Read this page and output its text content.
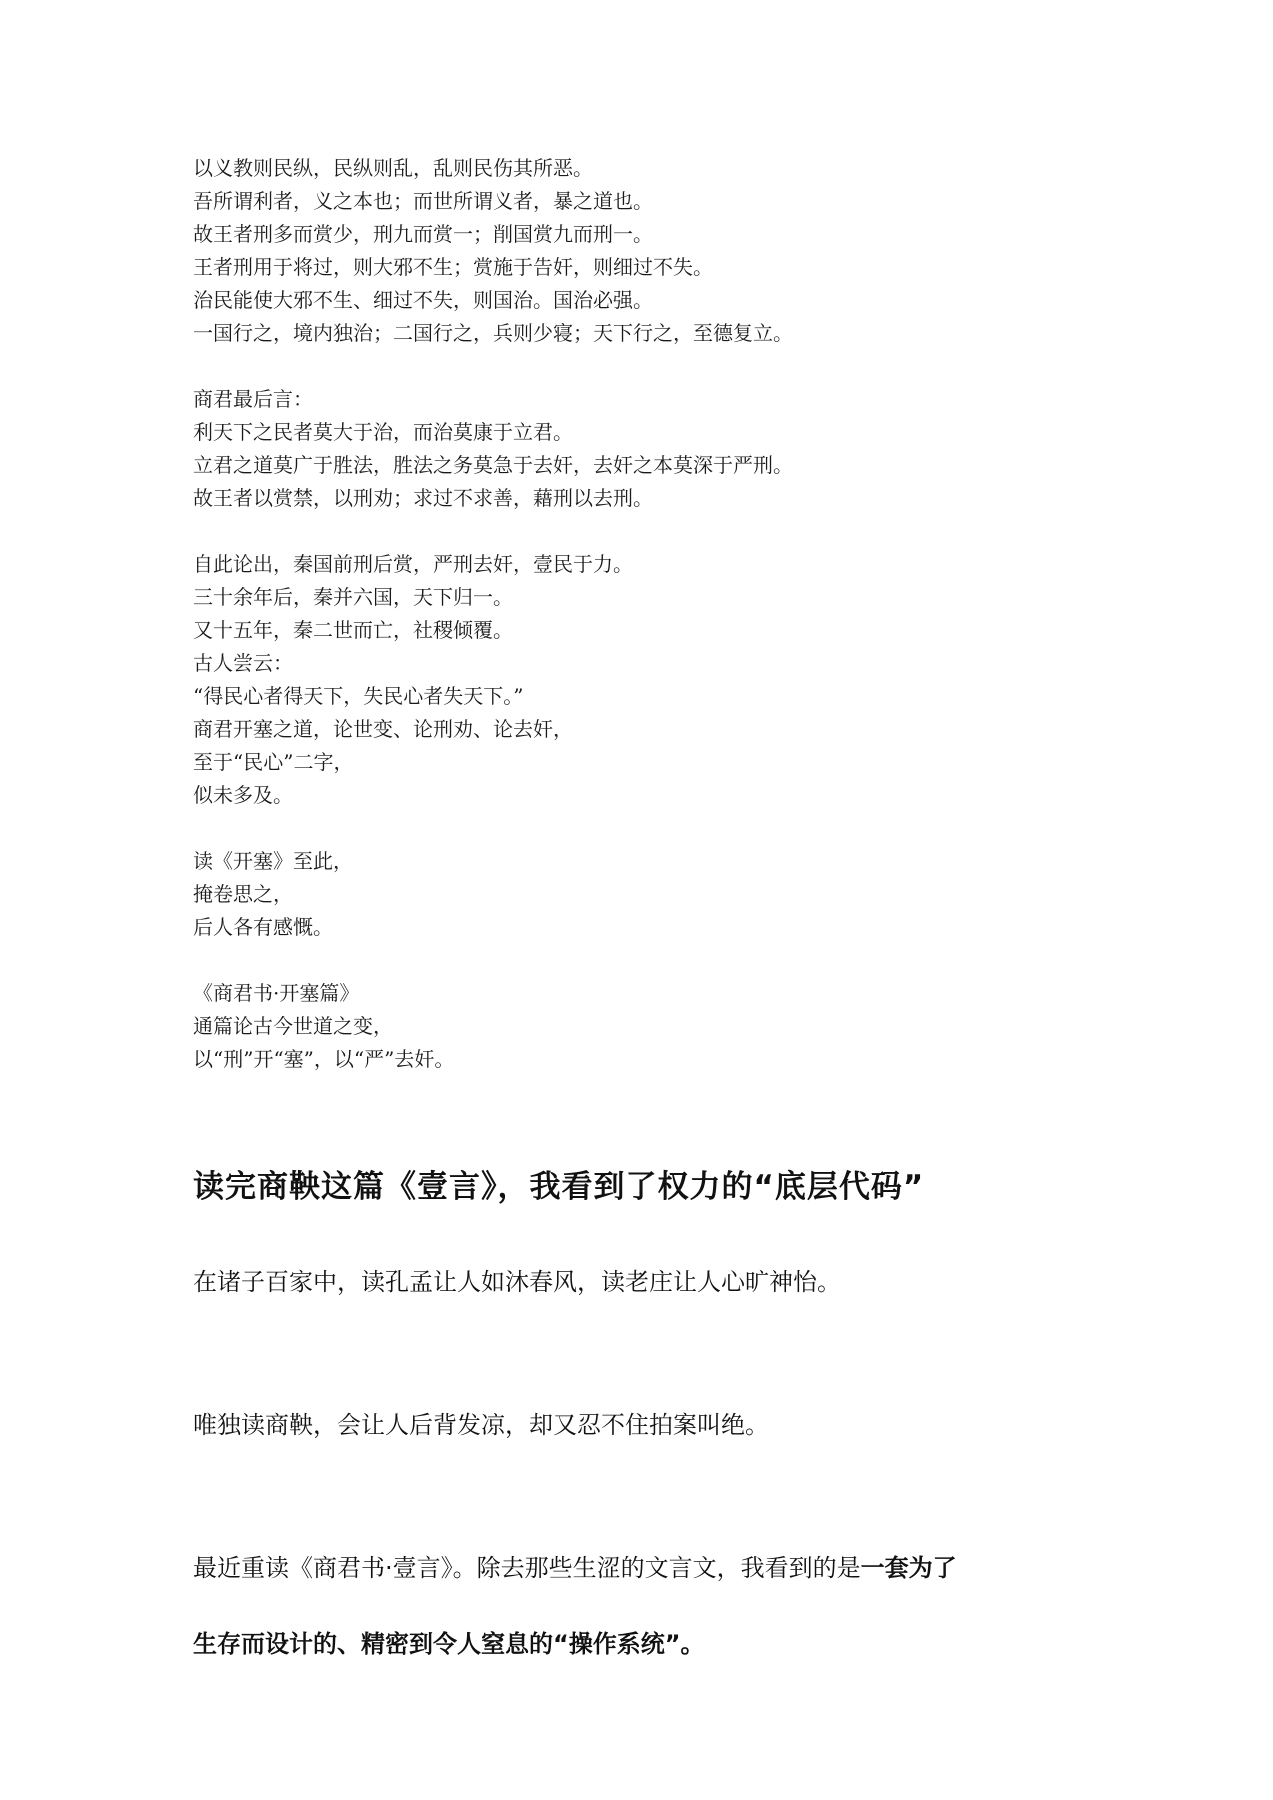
以义教则民纵，民纵则乱，乱则民伤其所恶。

吾所谓利者，义之本也；而世所谓义者，暴之道也。

故王者刑多而赏少，刑九而赏一；削国赏九而刑一。

王者刑用于将过，则大邪不生；赏施于告奸，则细过不失。

治民能使大邪不生、细过不失，则国治。国治必强。

一国行之，境内独治；二国行之，兵则少寝；天下行之，至德复立。

商君最后言：

利天下之民者莫大于治，而治莫康于立君。

立君之道莫广于胜法，胜法之务莫急于去奸，去奸之本莫深于严刑。

故王者以赏禁，以刑劝；求过不求善，藉刑以去刑。

自此论出，秦国前刑后赏，严刑去奸，壹民于力。

三十余年后，秦并六国，天下归一。

又十五年，秦二世而亡，社稷倾覆。

古人尝云：

“得民心者得天下，失民心者失天下。”

商君开塞之道，论世变、论刑劝、论去奸，

至于“民心”二字，

似未多及。

读《开塞》至此，

掩卷思之，

后人各有感慨。

《商君书·开塞篇》

通篇论古今世道之变，

以“刑”开“塞”，以“严”去奸。

读完商鞅这篇《壹言》，我看到了权力的“底层代码”

在诸子百家中，读孔孟让人如沐春风，读老庄让人心旷神怡。

唯独读商鞅，会让人后背发凉，却又忍不住拍案叫绝。

最近重读《商君书·壹言》。除去那些生涩的文言文，我看到的是一套为了

生存而设计的、精密到令人窒息的“操作系统”。
